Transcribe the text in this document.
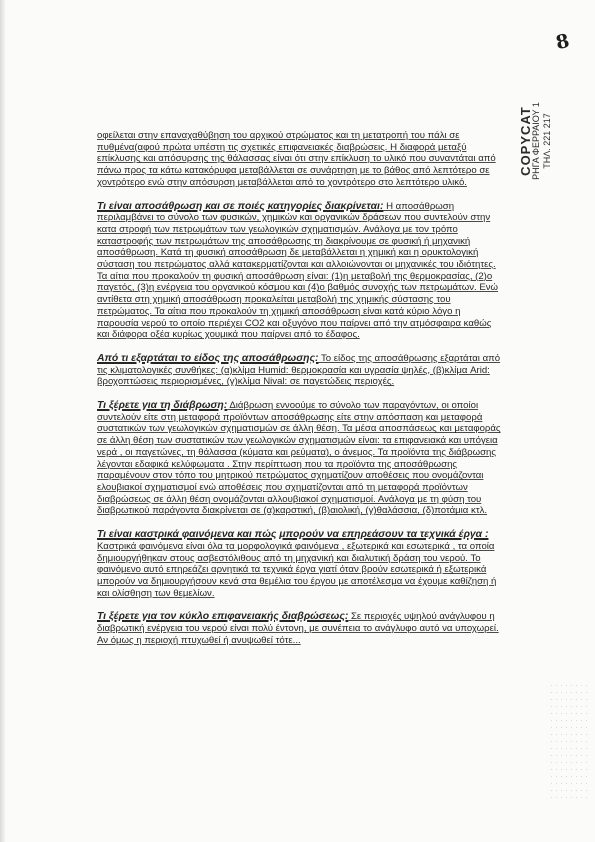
8
COPYCAT
ΡΗΓΑ ΦΕΡΡΑΙΟΥ 1 ΤΗΛ. 221 217

οφείλεται στην επαναχαθύβηση του αρχικού στρώματος και τη μετατροπή του πάλι σε πυθμένα(αφού πρώτα υπέστη τις σχετικές επιφανειακές διαβρώσεις. Η διαφορά μεταξύ επίκλυσης και απόσυρσης της θάλασσας είναι ότι στην επίκλυση το υλικό που συναντάται από πάνω προς τα κάτω κατακόρυφα μεταβάλλεται σε συνάρτηση με το βάθος από λεπτότερο σε χοντρότερο ενώ στην απόσυρση μεταβάλλεται από το χοντρότερο στο λεπτότερο υλικό.

Τι είναι αποσάθρωση και σε ποιές κατηγορίες διακρίνεται: Η αποσάθρωση περιλαμβάνει το σύνολο των φυσικών, χημικών και οργανικών δράσεων που συντελούν στην κατα στροφή των πετρωμάτων των γεωλογικών σχηματισμών. Ανάλογα με τον τρόπο καταστροφής των πετρωμάτων της αποσάθρωσης τη διακρίνουμε σε φυσική ή μηχανική αποσάθρωση. Κατά τη φυσική αποσάθρωση δε μεταβάλλεται η χημική και η ορυκτολογική σύσταση του πετρώματος αλλά κατακερματίζονται και αλλοιώνονται οι μηχανικές του ιδιότητες. Τα αίτια που προκαλούν τη φυσική αποσάθρωση είναι: (1)η μεταβολή της θερμοκρασίας, (2)ο παγετός, (3)η ενέργεια του οργανικού κόσμου και (4)ο βαθμός συνοχής των πετρωμάτων. Ενώ αντίθετα στη χημική αποσάθρωση προκαλείται μεταβολή της χημικής σύστασης του πετρώματος. Τα αίτια που προκαλούν τη χημική αποσάθρωση είναι κατά κύριο λόγο η παρουσία νερού το οποίο περιέχει CO2 και οξυγόνο που παίρνει από την ατμόσφαιρα καθώς και διάφορα οξέα κυρίως χουμικά που παίρνει από το έδαφος.

Από τι εξαρτάται το είδος της αποσάθρωσης: Το είδος της αποσάθρωσης εξαρτάται από τις κλιματολογικές συνθήκες: (α)κλίμα Humid: θερμοκρασία και υγρασία ψηλές, (β)κλίμα Arid: βροχοπτώσεις περιορισμένες, (γ)κλίμα Nival: σε παγετώδεις περιοχές.

Τι ξέρετε για τη διάβρωση: Διάβρωση εννοούμε το σύνολο των παραγόντων, οι οποίοι συντελούν είτε στη μεταφορά προϊόντων αποσάθρωσης είτε στην απόσπαση και μεταφορά συστατικών των γεωλογικών σχηματισμών σε άλλη θέση. Τα μέσα αποσπάσεως και μεταφοράς σε άλλη θέση των συστατικών των γεωλογικών σχηματισμών είναι: τα επιφανειακά και υπόγεια νερά , οι παγετώνες, τη θάλασσα (κύματα και ρεύματα), ο άνεμος. Τα προϊόντα της διάβρωσης λέγονται εδαφικά κελύφωματα . Στην περίπτωση που τα προϊόντα της αποσάθρωσης παραμένουν στον τόπο του μητρικού πετρώματος σχηματίζουν αποθέσεις που ονομάζονται ελουβιακοί σχηματισμοί ενώ αποθέσεις που σχηματίζονται από τη μεταφορά προϊόντων διαβρώσεως σε άλλη θέση ονομάζονται αλλουβιακοί σχηματισμοί. Ανάλογα με τη φύση του διαβρωτικού παράγοντα διακρίνεται σε (α)καρστική, (β)αιολική, (γ)θαλάσσια, (δ)ποτάμια κτλ.

Τι είναι καστρικά φαινόμενα και πώς μπορούν να επηρεάσουν τα τεχνικά έργα : Καστρικά φαινόμενα είναι όλα τα μορφολογικά φαινόμενα , εξωτερικά και εσωτερικά , τα οποία δημιουργήθηκαν στους ασβεστόλιθους από τη μηχανική και διαλυτική δράση του νερού. Το φαινόμενο αυτό επηρεάζει αρνητικά τα τεχνικά έργα γιατί όταν βρούν εσωτερικά ή εξωτερικά μπορούν να δημιουργήσουν κενά στα θεμέλια του έργου με αποτέλεσμα να έχουμε καθίζηση ή και ολίσθηση των θεμελίων.

Τι ξέρετε για τον κύκλο επιφανειακής διαβρώσεως: Σε περιοχές υψηλού ανάγλυφου η διαβρωτική ενέργεια του νερού είναι πολύ έντονη, με συνέπεια το ανάγλυφο αυτό να υποχωρεί. Αν όμως η περιοχή πτυχωθεί ή ανυψωθεί τότε...
